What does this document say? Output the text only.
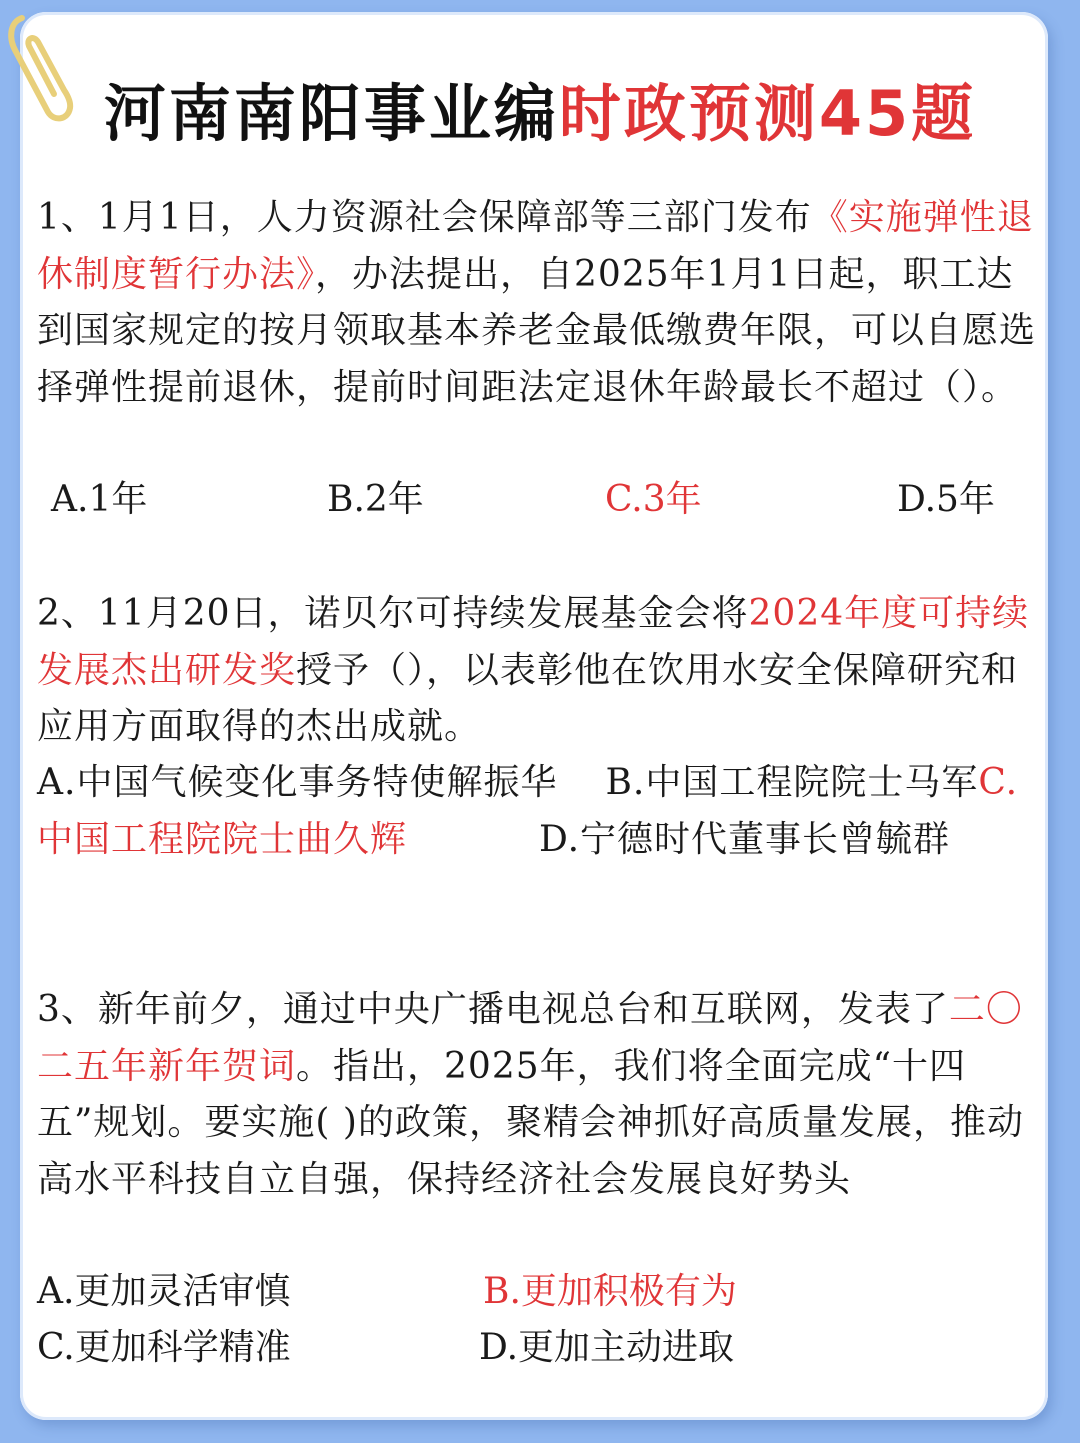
河南南阳事业编时政预测45题
1、1月1日，人力资源社会保障部等三部门发布《实施弹性退休制度暂行办法》，办法提出，自2025年1月1日起，职工达到国家规定的按月领取基本养老金最低缴费年限，可以自愿选择弹性提前退休，提前时间距法定退休年龄最长不超过（）。
A.1年	B.2年	C.3年	D.5年
2、11月20日，诺贝尔可持续发展基金会将2024年度可持续发展杰出研发奖授予（），以表彰他在饮用水安全保障研究和应用方面取得的杰出成就。
A.中国气候变化事务特使解振华 B.中国工程院院士马军C.中国工程院院士曲久辉	D.宁德时代董事长曾毓群
3、新年前夕，通过中央广播电视总台和互联网，发表了二〇二五年新年贺词。指出，2025年，我们将全面完成“十四五”规划。要实施( )的政策，聚精会神抓好高质量发展，推动高水平科技自立自强，保持经济社会发展良好势头
A.更加灵活审慎	B.更加积极有为
C.更加科学精准	D.更加主动进取
